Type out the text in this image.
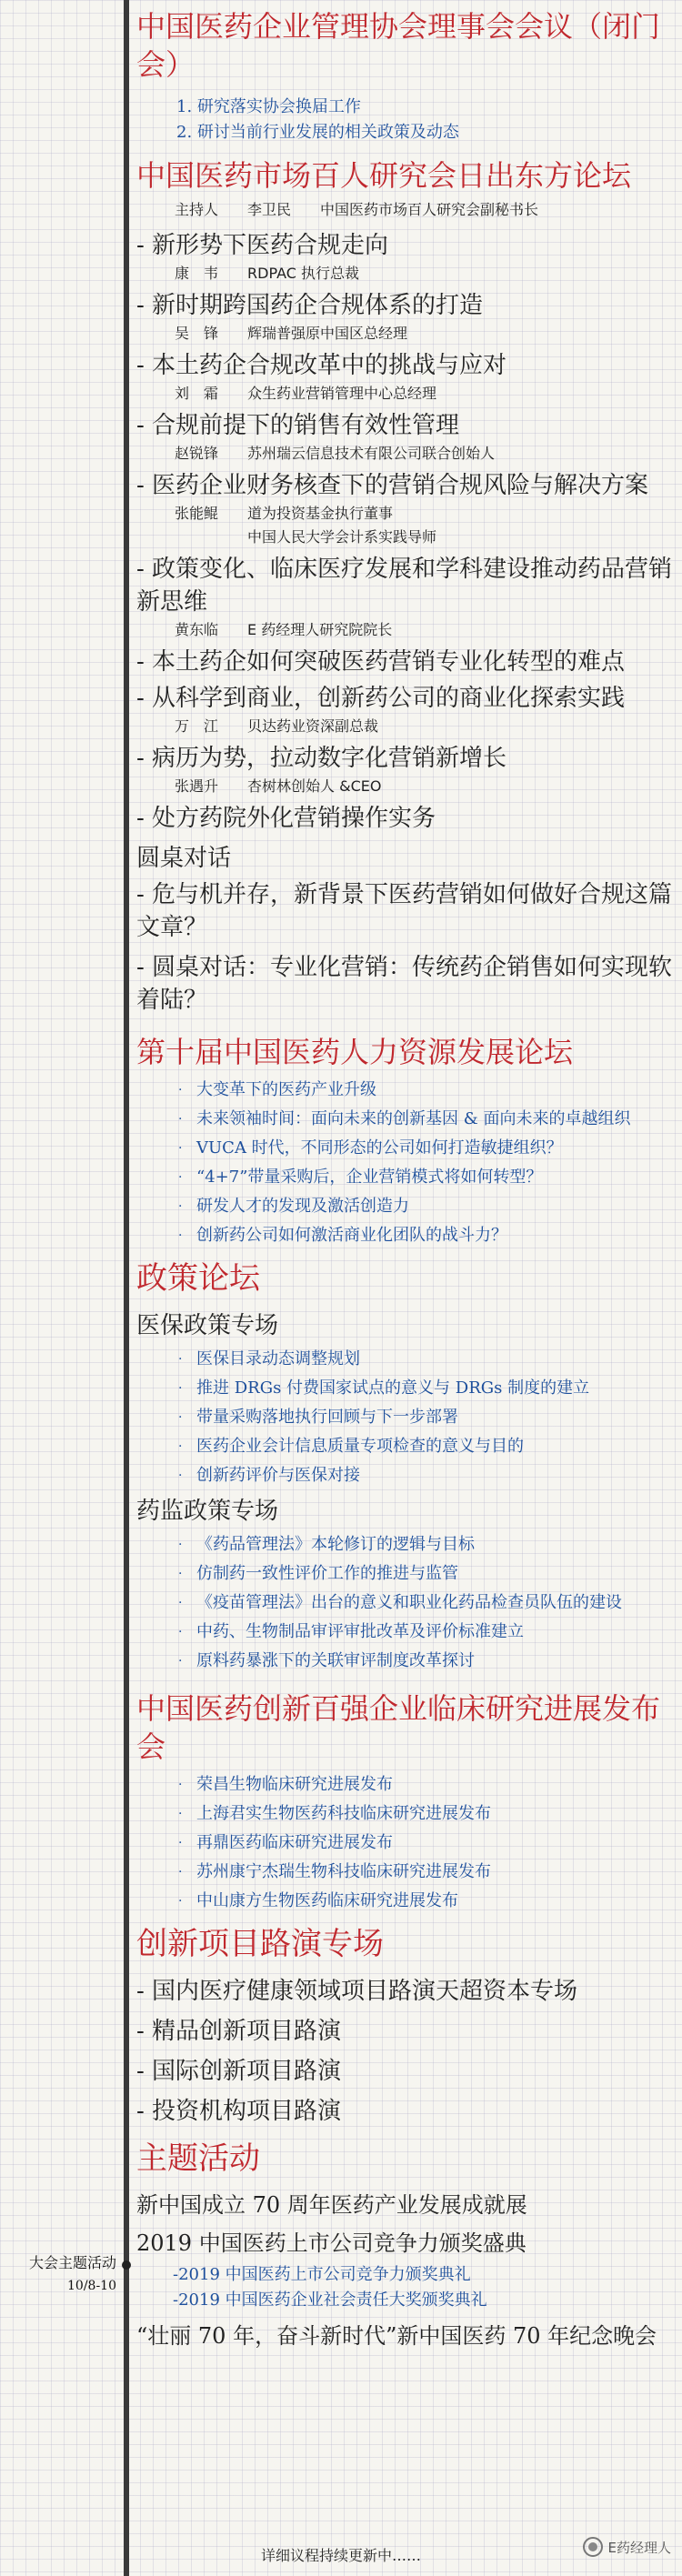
大会主题活动
10/8-10
中国医药企业管理协会理事会会议（闭门会）
1. 研究落实协会换届工作
2. 研讨当前行业发展的相关政策及动态
中国医药市场百人研究会日出东方论坛
主持人　　李卫民　　中国医药市场百人研究会副秘书长
- 新形势下医药合规走向
康　韦　　RDPAC 执行总裁
- 新时期跨国药企合规体系的打造
吴　锋　　辉瑞普强原中国区总经理
- 本土药企合规改革中的挑战与应对
刘　霜　　众生药业营销管理中心总经理
- 合规前提下的销售有效性管理
赵锐锋　　苏州瑞云信息技术有限公司联合创始人
- 医药企业财务核查下的营销合规风险与解决方案
张能鲲　　道为投资基金执行董事
　　　　　中国人民大学会计系实践导师
- 政策变化、临床医疗发展和学科建设推动药品营销新思维
黄东临　　E 药经理人研究院院长
- 本土药企如何突破医药营销专业化转型的难点
- 从科学到商业，创新药公司的商业化探索实践
万　江　　贝达药业资深副总裁
- 病历为势，拉动数字化营销新增长
张遇升　　杏树林创始人 &CEO
- 处方药院外化营销操作实务
圆桌对话
- 危与机并存，新背景下医药营销如何做好合规这篇文章？
- 圆桌对话：专业化营销：传统药企销售如何实现软着陆？
第十届中国医药人力资源发展论坛
· 大变革下的医药产业升级
· 未来领袖时间：面向未来的创新基因 & 面向未来的卓越组织
· VUCA 时代，不同形态的公司如何打造敏捷组织？
· “4+7”带量采购后，企业营销模式将如何转型？
· 研发人才的发现及激活创造力
· 创新药公司如何激活商业化团队的战斗力？
政策论坛
医保政策专场
· 医保目录动态调整规划
· 推进 DRGs 付费国家试点的意义与 DRGs 制度的建立
· 带量采购落地执行回顾与下一步部署
· 医药企业会计信息质量专项检查的意义与目的
· 创新药评价与医保对接
药监政策专场
· 《药品管理法》本轮修订的逻辑与目标
· 仿制药一致性评价工作的推进与监管
· 《疫苗管理法》出台的意义和职业化药品检查员队伍的建设
· 中药、生物制品审评审批改革及评价标准建立
· 原料药暴涨下的关联审评制度改革探讨
中国医药创新百强企业临床研究进展发布会
· 荣昌生物临床研究进展发布
· 上海君实生物医药科技临床研究进展发布
· 再鼎医药临床研究进展发布
· 苏州康宁杰瑞生物科技临床研究进展发布
· 中山康方生物医药临床研究进展发布
创新项目路演专场
- 国内医疗健康领域项目路演天超资本专场
- 精品创新项目路演
- 国际创新项目路演
- 投资机构项目路演
主题活动
新中国成立 70 周年医药产业发展成就展
2019 中国医药上市公司竞争力颁奖盛典
-2019 中国医药上市公司竞争力颁奖典礼
-2019 中国医药企业社会责任大奖颁奖典礼
“壮丽 70 年，奋斗新时代”新中国医药 70 年纪念晚会
详细议程持续更新中……	E药经理人
